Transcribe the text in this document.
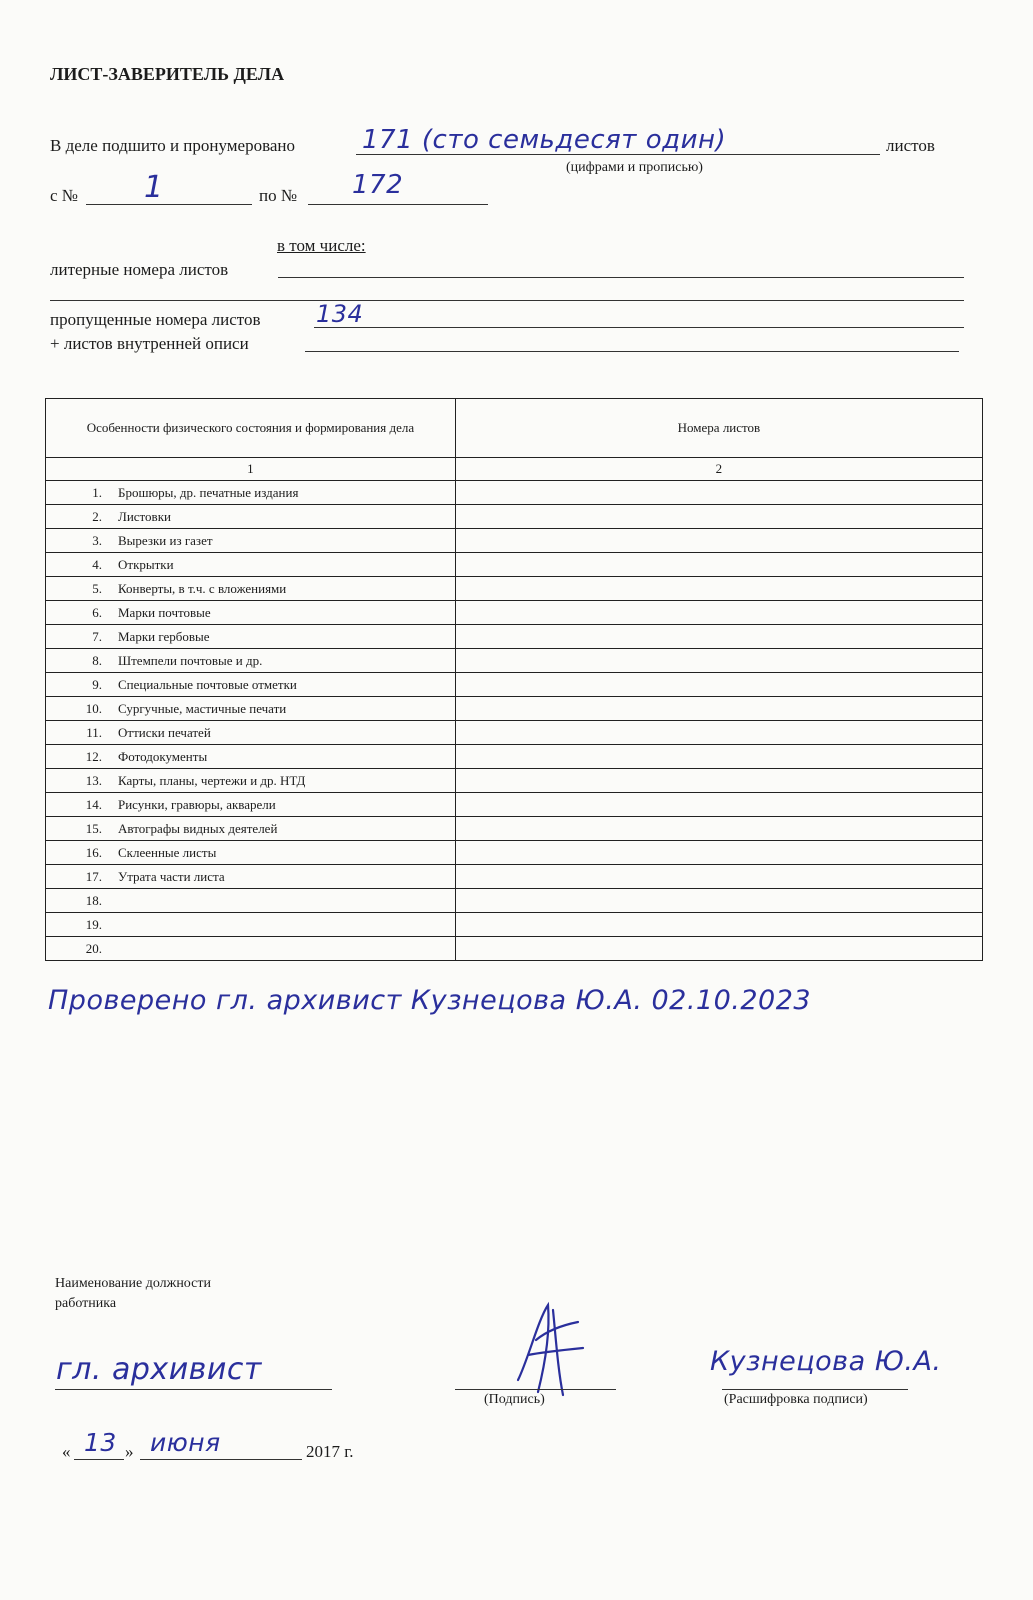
ЛИСТ-ЗАВЕРИТЕЛЬ ДЕЛА
В деле подшито и пронумеровано	171 (сто семьдесят один)	листов
(цифрами и прописью)
с № 1	по № 172
в том числе:
литерные номера листов
пропущенные номера листов 134
+ листов внутренней описи
Особенности физического состояния и формирования дела	Номера листов
1	2
1. Брошюры, др. печатные издания	
2. Листовки	
3. Вырезки из газет	
4. Открытки	
5. Конверты, в т.ч. с вложениями	
6. Марки почтовые	
7. Марки гербовые	
8. Штемпели почтовые и др.	
9. Специальные почтовые отметки	
10. Сургучные, мастичные печати	
11. Оттиски печатей	
12. Фотодокументы	
13. Карты, планы, чертежи и др. НТД	
14. Рисунки, гравюры, акварели	
15. Автографы видных деятелей	
16. Склеенные листы	
17. Утрата части листа	
18.	
19.	
20.	
Проверено гл. архивист Кузнецова Ю.А. 02.10.2023
Наименование должности
работника
гл. архивист
(Подпись)
Кузнецова Ю.А.
(Расшифровка подписи)
« 13 » июня	2017 г.
